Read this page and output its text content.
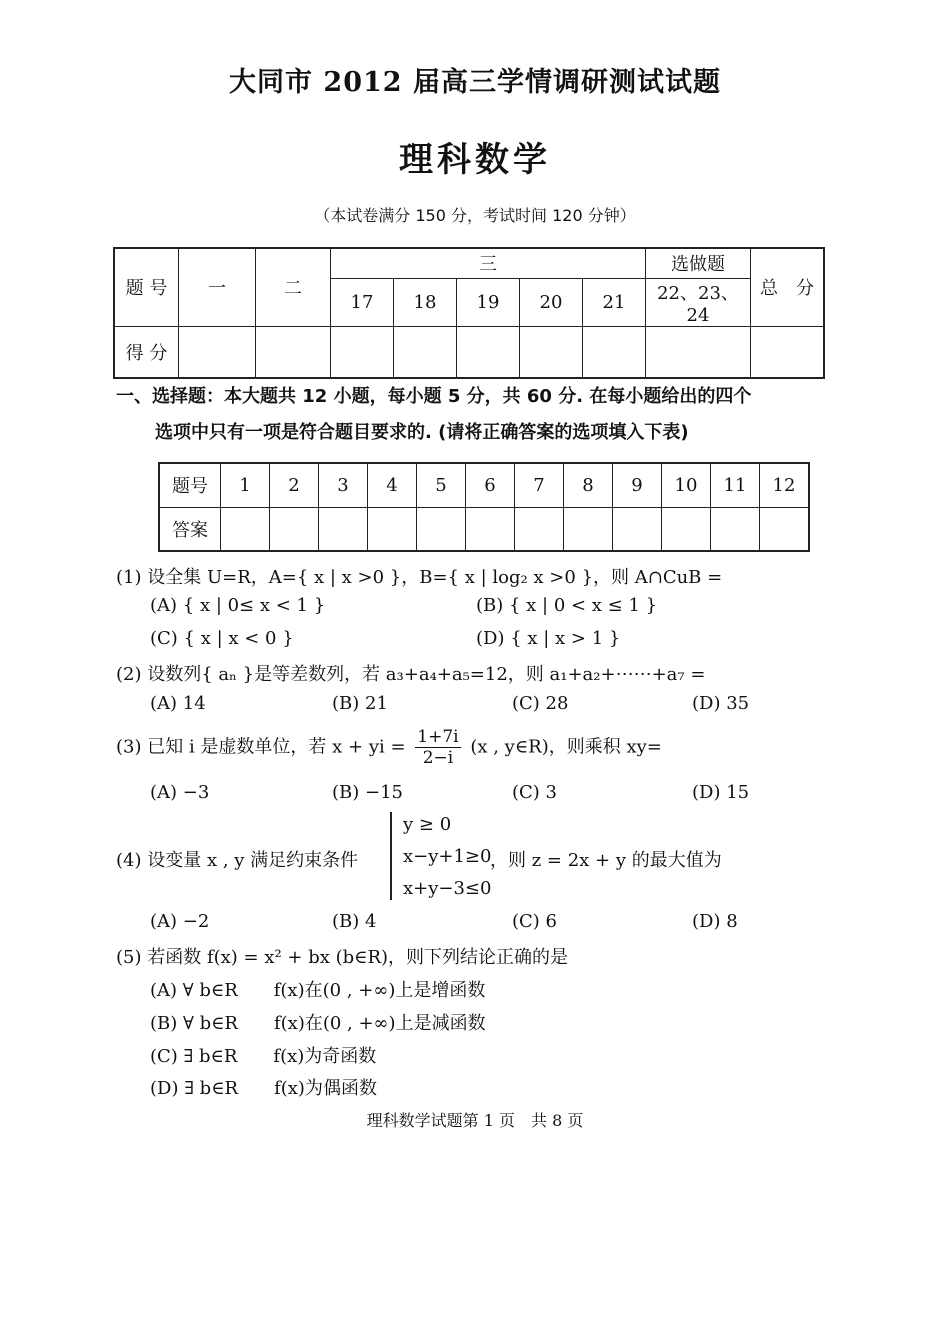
大同市 2012 届高三学情调研测试试题
理科数学
（本试卷满分 150 分，考试时间 120 分钟）
题 号	一	二	三					选做题	总　分
			17	18	19	20	21	22、23、24	
得 分									
一、选择题：本大题共 12 小题，每小题 5 分，共 60 分. 在每小题给出的四个
选项中只有一项是符合题目要求的. (请将正确答案的选项填入下表)
题号	1	2	3	4	5	6	7	8	9	10	11	12
答案												
(1) 设全集 U=R，A={ x | x >0 }，B={ x | log₂ x >0 }，则 A∩CuB =
(A) { x | 0≤ x < 1 }	(B) { x | 0 < x ≤ 1 }
(C) { x | x < 0 }	(D) { x | x > 1 }
(2) 设数列{ aₙ }是等差数列，若 a₃+a₄+a₅=12，则 a₁+a₂+⋯⋯+a₇ =
(A) 14	(B) 21	(C) 28	(D) 35
(3) 已知 i 是虚数单位，若 x + yi = $\frac{1+7i}{2-i} (x$ , y∈R)，则乘积 xy=
(A) −3	(B) −15	(C) 3	(D) 15
(4) 设变量 x , y 满足约束条件
y ≥ 0
x−y+1≥0
x+y−3≤0
，则 z = 2x + y 的最大值为
(A) −2	(B) 4	(C) 6	(D) 8
(5) 若函数 f(x) = x² + bx (b∈R)，则下列结论正确的是
(A) ∀ b∈R　　f(x)在(0 , +∞)上是增函数
(B) ∀ b∈R　　f(x)在(0 , +∞)上是减函数
(C) ∃ b∈R　　f(x)为奇函数
(D) ∃ b∈R　　f(x)为偶函数
理科数学试题第 1 页　共 8 页
